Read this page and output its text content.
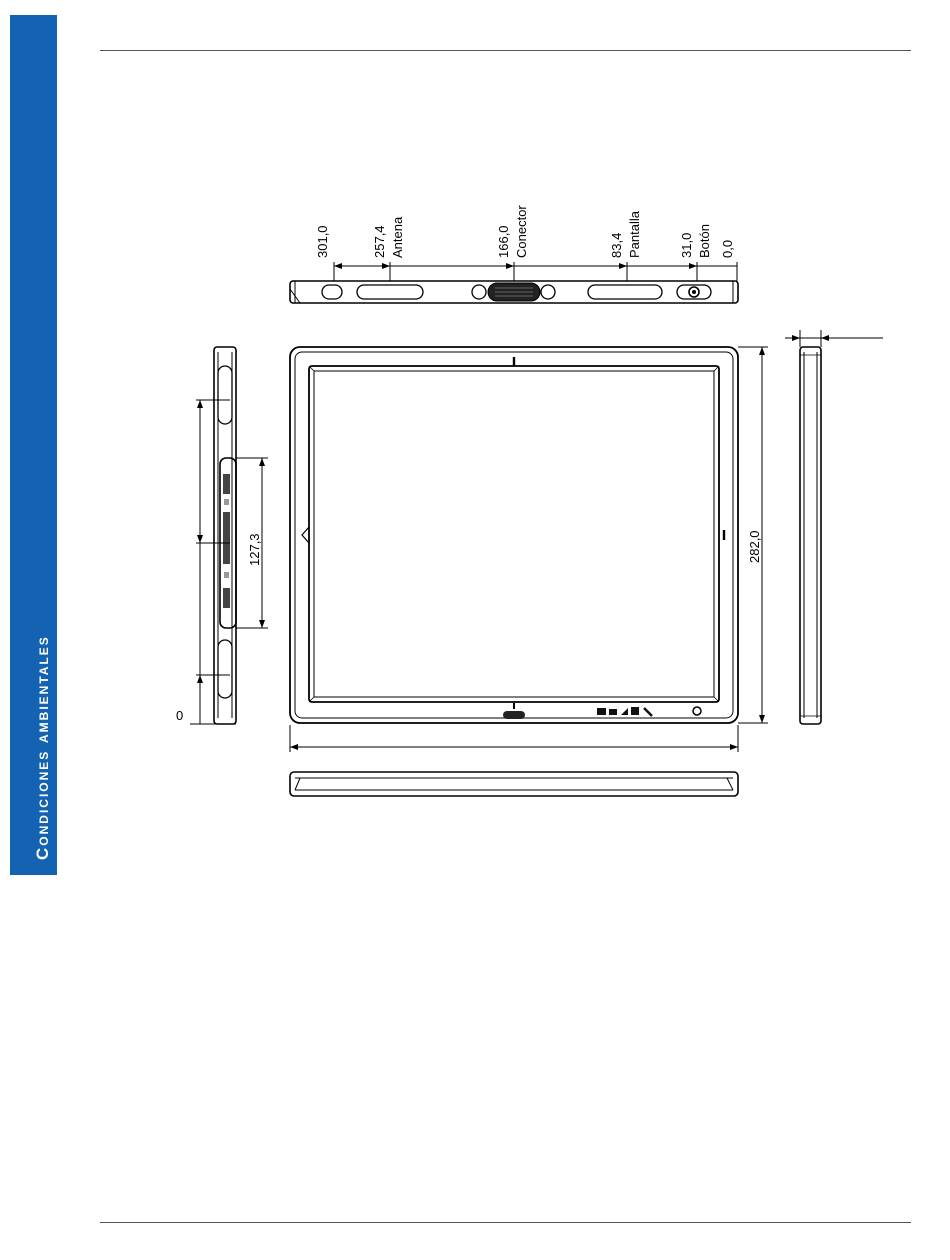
Condiciones ambientales
301,0	257,4 Antena	166,0 Conector	83,4 Pantalla	31,0 Botón 0,0
282,0
0
127,3
